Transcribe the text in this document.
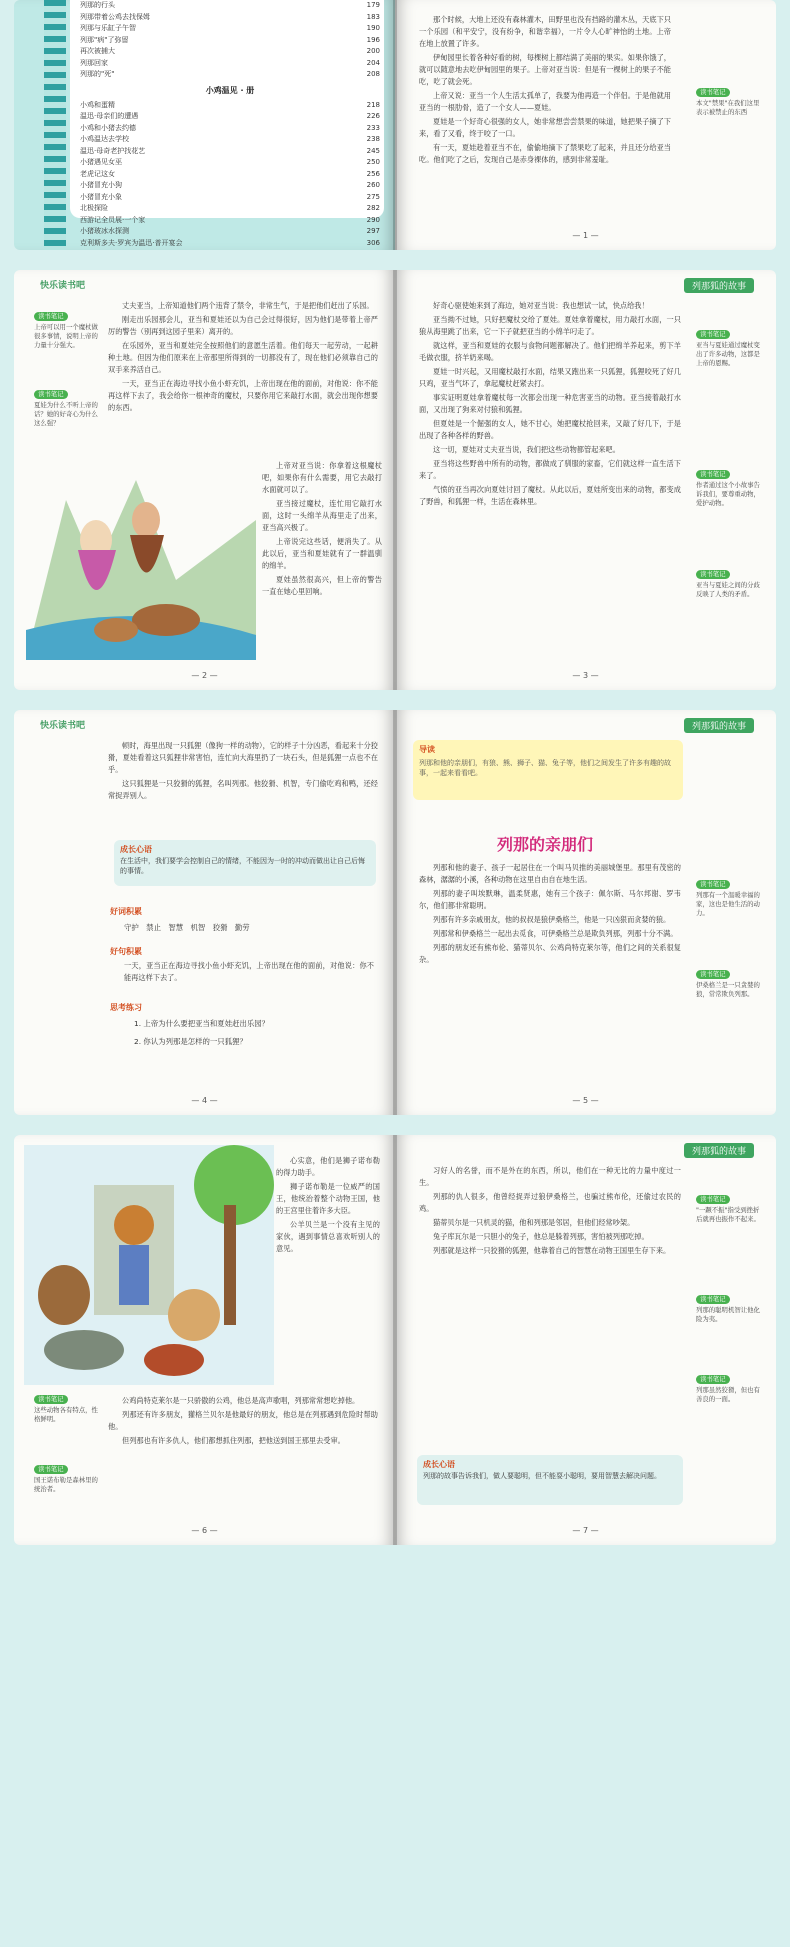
列那的行头	179
列那带着公鸡去找保姆	183
列那与乐缸子午智	190
列那"病"了弥留	196
再次被捕大	200
列那回家	204
列那的"死"	208
小鸡温见 · 册
小鸡和蛋精	218
温迅·母亲们的遭遇	226
小鸡和小猪去约德	233
小鸡温达去学校	238
温迅·母奇老护找花艺	245
小猪遇见女巫	250
老虎记这女	256
小猪冒充小狗	260
小猪冒充小象	275
北极探险	282
西游记全员展·一个家	290
小猪玻冰水探测	297
克利斯多夫·罗宾为温迅·普开宴会	306

那个时候，大地上还没有森林灌木，田野里也没有挡路的灌木丛，天底下只一个乐园（和平安宁，没有纷争，和谐幸福），一片令人心旷神怡的土地。上帝在地上放置了许多。

伊甸园里长着各种好看的树，每棵树上都结满了美丽的果实。如果你饿了，就可以随意地去吃伊甸园里的果子。上帝对亚当说：但是有一棵树上的果子不能吃，吃了就会死。

上帝又说：亚当一个人生活太孤单了，我要为他再造一个伴侣。于是他就用亚当的一根肋骨，造了一个女人——夏娃。

夏娃是一个好奇心很强的女人，她非常想尝尝禁果的味道，她把果子摘了下来，看了又看，终于咬了一口。

有一天，夏娃趁着亚当不在，偷偷地摘下了禁果吃了起来，并且还分给亚当吃。他们吃了之后，发现自己是赤身裸体的，感到非常羞耻。

读书笔记
本文"禁果"在我们这里表示被禁止的东西
— 1 —
快乐读书吧
读书笔记
上帝可以用一个魔杖做很多事情，说明上帝的力量十分强大。
读书笔记
夏娃为什么不听上帝的话？她的好奇心为什么这么强？

丈夫亚当，上帝知道他们两个违背了禁令，非常生气，于是把他们赶出了乐园。

刚走出乐园那会儿，亚当和夏娃还以为自己会过得很好，因为他们是带着上帝严厉的警告（别再到这园子里来）离开的。

在乐园外，亚当和夏娃完全按照他们的意愿生活着。他们每天一起劳动，一起耕种土地。但因为他们原来在上帝那里所得到的一切都没有了，现在他们必须靠自己的双手来养活自己。

一天，亚当正在海边寻找小鱼小虾充饥，上帝出现在他的面前，对他说：你不能再这样下去了，我会给你一根神奇的魔杖，只要你用它来敲打水面，就会出现你想要的东西。

上帝对亚当说：你拿着这根魔杖吧，如果你有什么需要，用它去敲打水面就可以了。

亚当接过魔杖，连忙用它敲打水面，这时一头绵羊从海里走了出来，亚当高兴极了。

上帝说完这些话，便消失了。从此以后，亚当和夏娃就有了一群温驯的绵羊。

夏娃虽然很高兴，但上帝的警告一直在她心里回响。

— 2 —
列那狐的故事

好奇心驱使她来到了海边，她对亚当说：我也想试一试，快点给我！

亚当拗不过她，只好把魔杖交给了夏娃。夏娃拿着魔杖，用力敲打水面，一只狼从海里跳了出来，它一下子就把亚当的小绵羊叼走了。

就这样，亚当和夏娃的衣服与食物问题都解决了。他们把绵羊养起来，剪下羊毛做衣服，挤羊奶来喝。

夏娃一时兴起，又用魔杖敲打水面，结果又跑出来一只狐狸，狐狸咬死了好几只鸡，亚当气坏了，拿起魔杖赶紧去打。

事实证明夏娃拿着魔杖每一次都会出现一种危害亚当的动物。亚当接着敲打水面，又出现了狗来对付狼和狐狸。

但夏娃是一个倔强的女人，她不甘心，她把魔杖抢回来，又敲了好几下，于是出现了各种各样的野兽。

这一切，夏娃对丈夫亚当说，我们把这些动物都管起来吧。

亚当将这些野兽中所有的动物，都做成了驯服的家畜，它们就这样一直生活下来了。

气愤的亚当再次向夏娃讨回了魔杖。从此以后，夏娃所变出来的动物，都变成了野兽，和狐狸一样，生活在森林里。

读书笔记
亚当与夏娃通过魔杖变出了许多动物，这都是上帝的恩赐。
读书笔记
作者通过这个小故事告诉我们，要尊重动物，爱护动物。
读书笔记
亚当与夏娃之间的分歧反映了人类的矛盾。
— 3 —
快乐读书吧

顿时，海里出现一只狐狸（像狗一样的动物），它的样子十分凶恶，看起来十分狡猾，夏娃看着这只狐狸非常害怕，连忙向大海里扔了一块石头，但是狐狸一点也不在乎。

这只狐狸是一只狡猾的狐狸，名叫列那。他狡猾、机智，专门偷吃鸡和鸭，还经常捉弄别人。

成长心语
在生活中，我们要学会控制自己的情绪，不能因为一时的冲动而做出让自己后悔的事情。
好词积累
守护　禁止　智慧　机智　狡猾　勤劳
好句积累
一天，亚当正在海边寻找小鱼小虾充饥，上帝出现在他的面前，对他说：你不能再这样下去了。
思考练习
1. 上帝为什么要把亚当和夏娃赶出乐园？
2. 你认为列那是怎样的一只狐狸？
— 4 —
列那狐的故事
导读
列那和他的亲朋们，有狼、熊、狮子、猫、兔子等，他们之间发生了许多有趣的故事，一起来看看吧。
列那的亲朋们

列那和他的妻子、孩子一起居住在一个叫马贝推的美丽城堡里。那里有茂密的森林，潺潺的小溪，各种动物在这里自由自在地生活。

列那的妻子叫埃默琳，温柔贤惠，她有三个孩子：佩尔斯、马尔邦谢、罗韦尔，他们都非常聪明。

列那有许多亲戚朋友，他的叔叔是狼伊桑格兰，他是一只凶狠而贪婪的狼。

列那常和伊桑格兰一起出去觅食，可伊桑格兰总是欺负列那，列那十分不满。

列那的朋友还有熊布伦、猫蒂贝尔、公鸡尚特克莱尔等，他们之间的关系很复杂。

读书笔记
列那有一个温暖幸福的家，这也是他生活的动力。
读书笔记
伊桑格兰是一只贪婪的狼，常常欺负列那。
— 5 —

心实意，他们是狮子诺布勒的得力助手。

狮子诺布勒是一位威严的国王，他统治着整个动物王国，他的王宫里住着许多大臣。

公羊贝兰是一个没有主见的家伙，遇到事情总喜欢听别人的意见。

读书笔记
这些动物各有特点，性格鲜明。
读书笔记
国王诺布勒是森林里的统治者。

公鸡尚特克莱尔是一只骄傲的公鸡，他总是高声歌唱，列那常常想吃掉他。

列那还有许多朋友，獾格兰贝尔是他最好的朋友，他总是在列那遇到危险时帮助他。

但列那也有许多仇人，他们都想抓住列那，把他送到国王那里去受审。

— 6 —
列那狐的故事

习好人的名誉，而不是外在的东西，所以，他们在一种无比的力量中度过一生。

列那的仇人很多，他曾经捉弄过狼伊桑格兰，也骗过熊布伦，还偷过农民的鸡。

猫蒂贝尔是一只机灵的猫，他和列那是邻居，但他们经常吵架。

兔子库瓦尔是一只胆小的兔子，他总是躲着列那，害怕被列那吃掉。

列那就是这样一只狡猾的狐狸，他靠着自己的智慧在动物王国里生存下来。

读书笔记
"一蹶不振"指受到挫折后就再也振作不起来。
读书笔记
列那的聪明机智让他化险为夷。
读书笔记
列那虽然狡猾，但也有善良的一面。
成长心语
列那的故事告诉我们，做人要聪明，但不能耍小聪明，要用智慧去解决问题。
— 7 —
